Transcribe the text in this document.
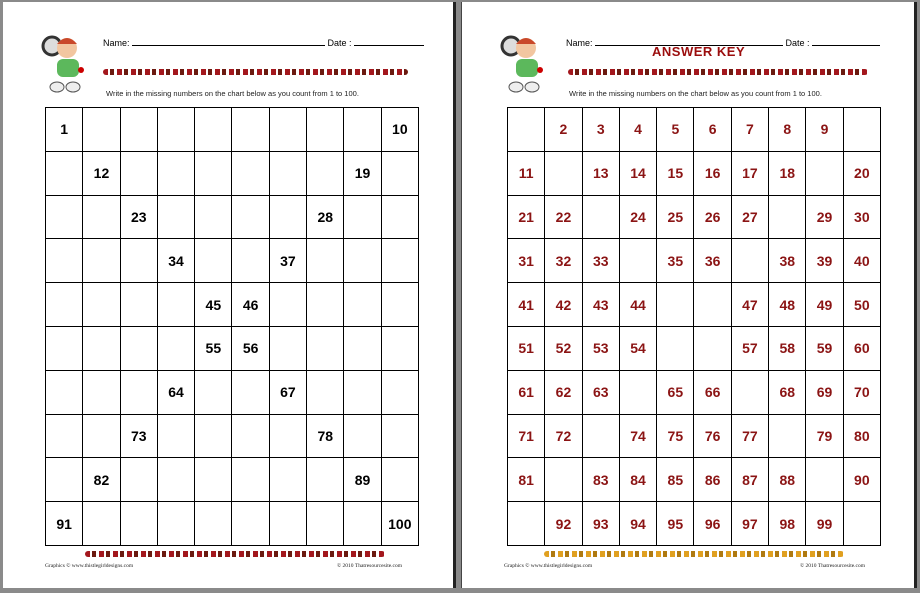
Name:	Date :
Write in the missing numbers on the chart below as you count from 1 to 100.
1									10
	12							19	
		23					28		
			34			37			
				45	46				
				55	56				
			64			67			
		73					78		
	82							89	
91									100
Graphics © www.thistlegirldesigns.com	© 2010 Thatresourcesite.com
Name:	Date :
ANSWER KEY
Write in the missing numbers on the chart below as you count from 1 to 100.
	2	3	4	5	6	7	8	9	
11		13	14	15	16	17	18		20
21	22		24	25	26	27		29	30
31	32	33		35	36		38	39	40
41	42	43	44			47	48	49	50
51	52	53	54			57	58	59	60
61	62	63		65	66		68	69	70
71	72		74	75	76	77		79	80
81		83	84	85	86	87	88		90
	92	93	94	95	96	97	98	99	
Graphics © www.thistlegirldesigns.com	© 2010 Thatresourcesite.com
